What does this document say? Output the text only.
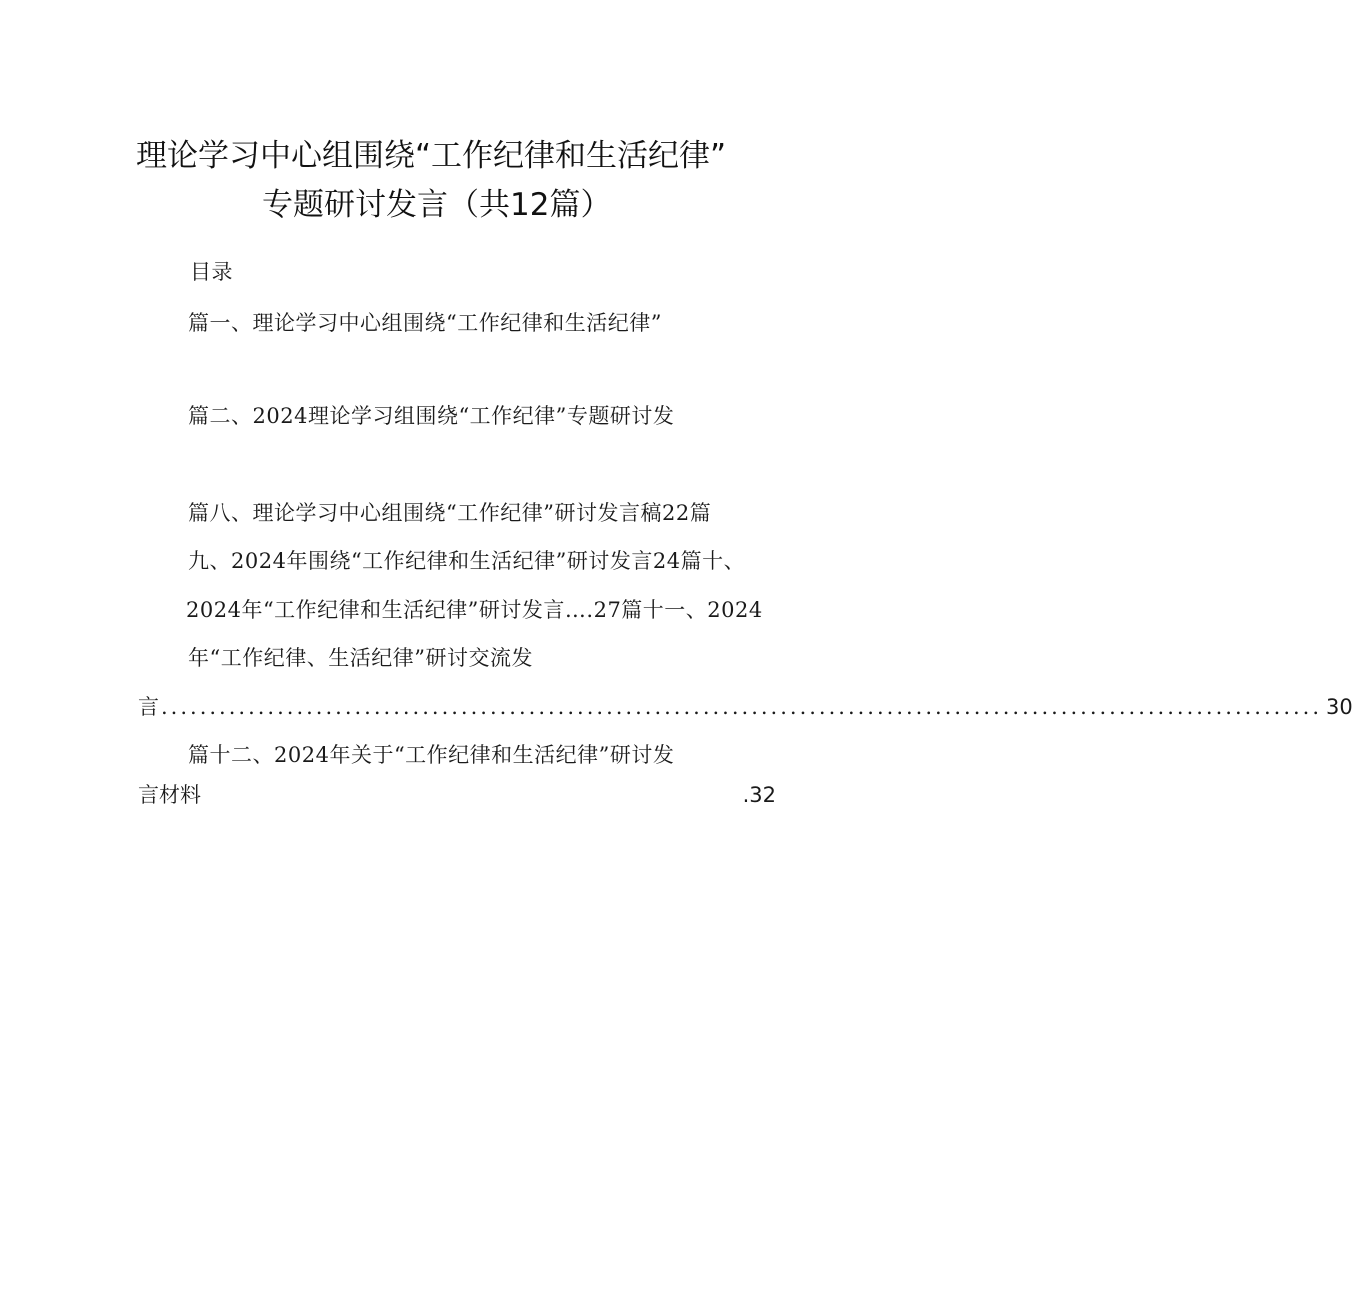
理论学习中心组围绕“工作纪律和生活纪律”
专题研讨发言（共12篇）
目录
篇一、理论学习中心组围绕“工作纪律和生活纪律”
篇二、2024理论学习组围绕“工作纪律”专题研讨发
篇八、理论学习中心组围绕“工作纪律”研讨发言稿22篇
九、2024年围绕“工作纪律和生活纪律”研讨发言24篇十、
2024年“工作纪律和生活纪律”研讨发言….27篇十一、2024
年“工作纪律、生活纪律”研讨交流发
言 ........................................................................................................................ 30
篇十二、2024年关于“工作纪律和生活纪律”研讨发
言材料	.32
